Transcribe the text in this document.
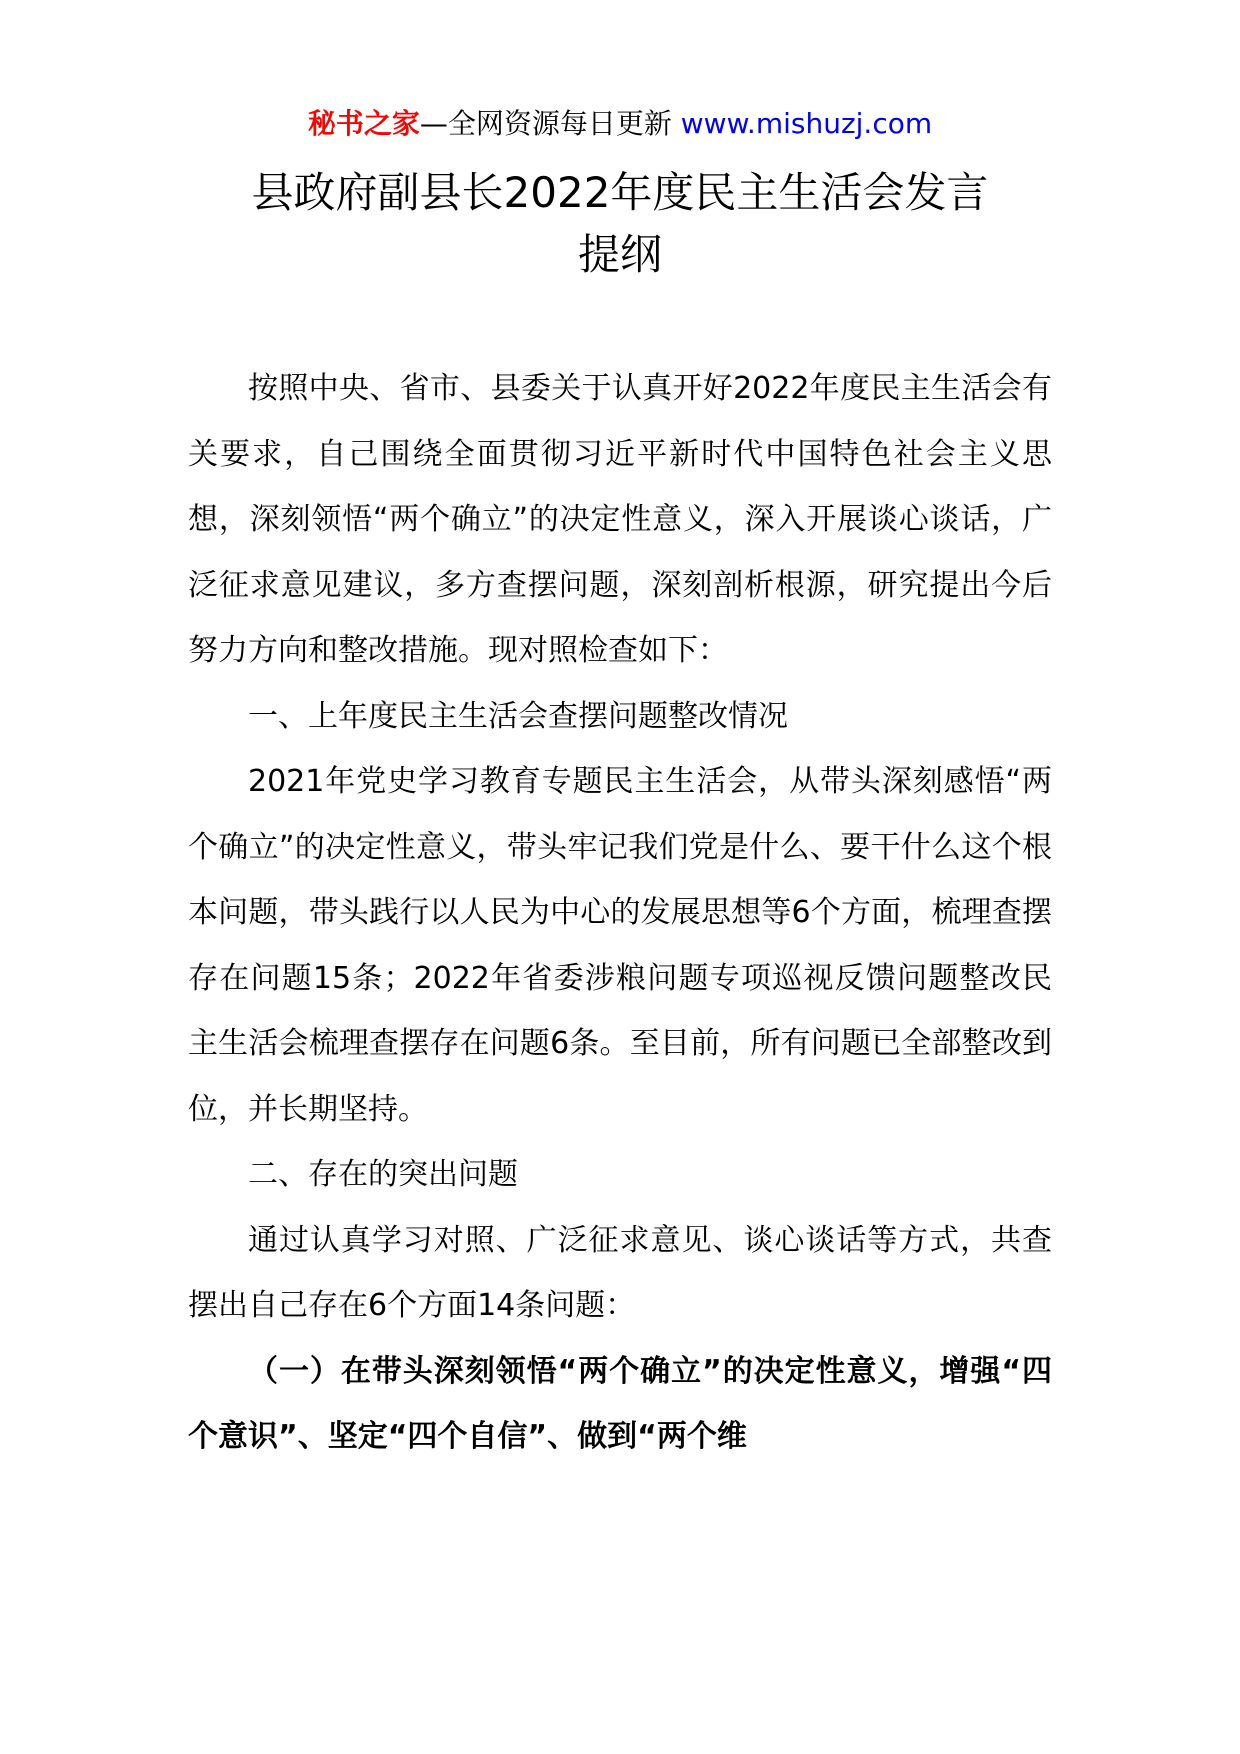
秘书之家—全网资源每日更新 www.mishuzj.com
县政府副县长2022年度民主生活会发言
提纲

按照中央、省市、县委关于认真开好2022年度民主生活会有关要求，自己围绕全面贯彻习近平新时代中国特色社会主义思想，深刻领悟“两个确立”的决定性意义，深入开展谈心谈话，广泛征求意见建议，多方查摆问题，深刻剖析根源，研究提出今后努力方向和整改措施。现对照检查如下：

一、上年度民主生活会查摆问题整改情况

2021年党史学习教育专题民主生活会，从带头深刻感悟“两个确立”的决定性意义，带头牢记我们党是什么、要干什么这个根本问题，带头践行以人民为中心的发展思想等6个方面，梳理查摆存在问题15条；2022年省委涉粮问题专项巡视反馈问题整改民主生活会梳理查摆存在问题6条。至目前，所有问题已全部整改到位，并长期坚持。

二、存在的突出问题

通过认真学习对照、广泛征求意见、谈心谈话等方式，共查摆出自己存在6个方面14条问题：

（一）在带头深刻领悟“两个确立”的决定性意义，增强“四个意识”、坚定“四个自信”、做到“两个维
